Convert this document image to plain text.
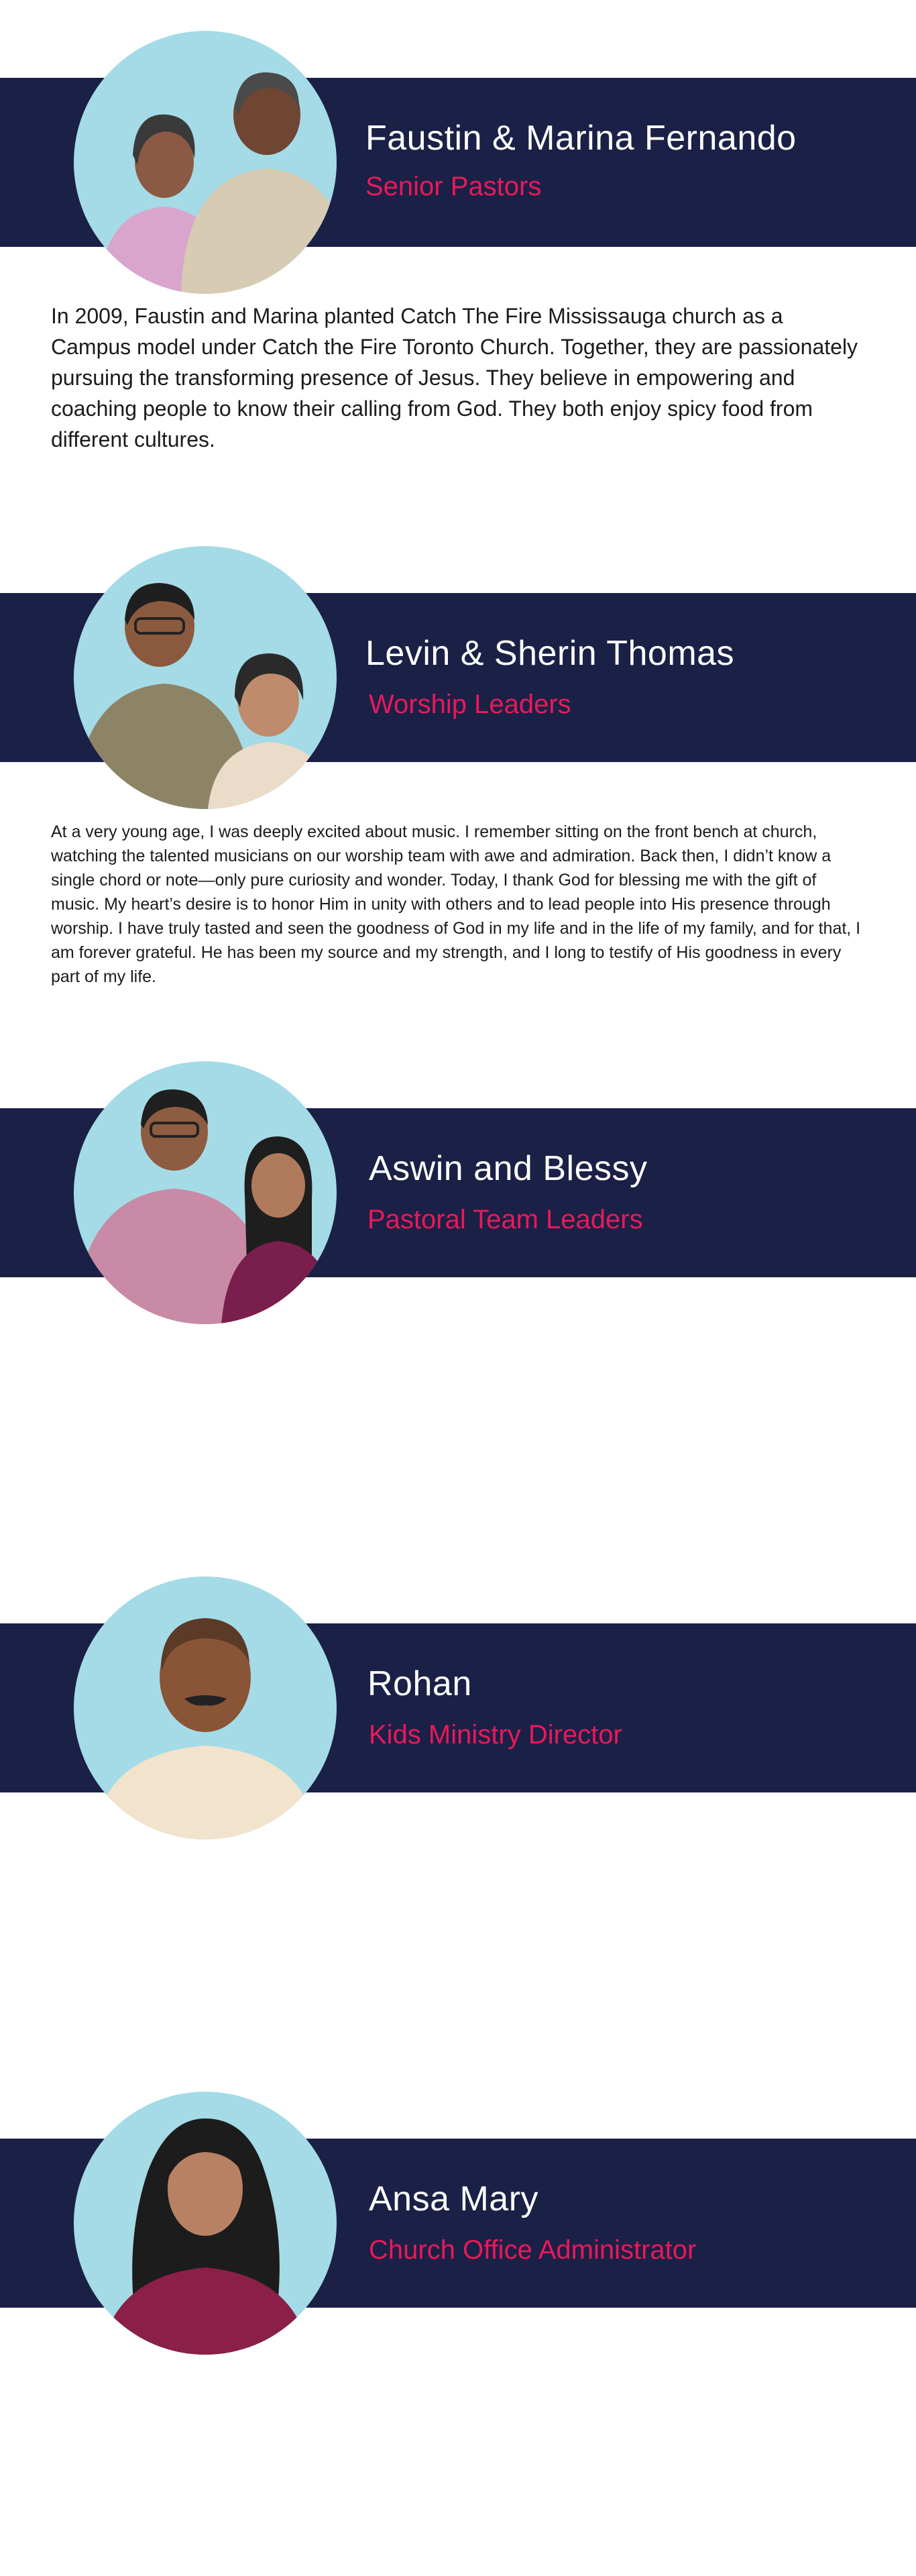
Faustin & Marina Fernando
Senior Pastors

In 2009, Faustin and Marina planted Catch The Fire Mississauga church as a Campus model under Catch the Fire Toronto Church. Together, they are passionately pursuing the transforming presence of Jesus. They believe in empowering and coaching people to know their calling from God. They both enjoy spicy food from different cultures.

Levin & Sherin Thomas
Worship Leaders

At a very young age, I was deeply excited about music. I remember sitting on the front bench at church, watching the talented musicians on our worship team with awe and admiration. Back then, I didn’t know a single chord or note—only pure curiosity and wonder. Today, I thank God for blessing me with the gift of music. My heart’s desire is to honor Him in unity with others and to lead people into His presence through worship. I have truly tasted and seen the goodness of God in my life and in the life of my family, and for that, I am forever grateful. He has been my source and my strength, and I long to testify of His goodness in every part of my life.

Aswin and Blessy
Pastoral Team Leaders
Rohan
Kids Ministry Director
Ansa Mary
Church Office Administrator
